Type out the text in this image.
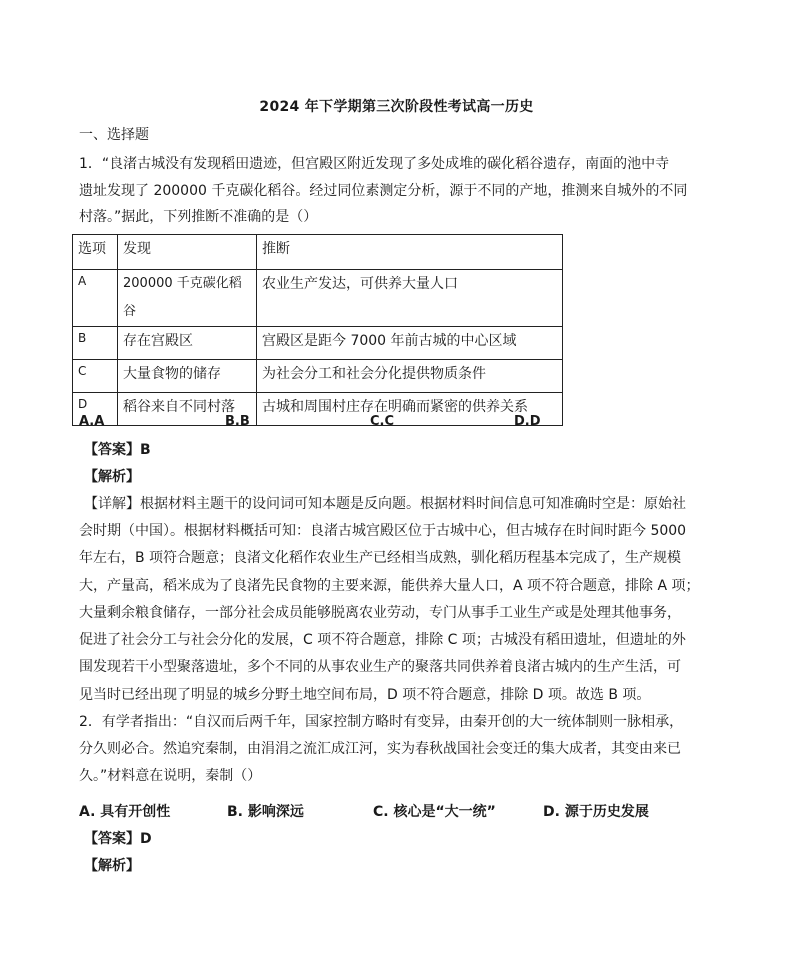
2024 年下学期第三次阶段性考试高一历史
一、选择题
1．“良渚古城没有发现稻田遗迹，但宫殿区附近发现了多处成堆的碳化稻谷遗存，南面的池中寺
遗址发现了 200000 千克碳化稻谷。经过同位素测定分析，源于不同的产地，推测来自城外的不同
村落。”据此，下列推断不准确的是（）
选项	发现	推断
A	200000 千克碳化稻谷	农业生产发达，可供养大量人口
B	存在宫殿区	宫殿区是距今 7000 年前古城的中心区域
C	大量食物的储存	为社会分工和社会分化提供物质条件
D	稻谷来自不同村落	古城和周围村庄存在明确而紧密的供养关系
A.A	B.B	C.C	D.D
【答案】B
【解析】
【详解】根据材料主题干的设问词可知本题是反向题。根据材料时间信息可知准确时空是：原始社
会时期（中国）。根据材料概括可知：良渚古城宫殿区位于古城中心，但古城存在时间时距今 5000
年左右，B 项符合题意；良渚文化稻作农业生产已经相当成熟，驯化稻历程基本完成了，生产规模
大，产量高，稻米成为了良渚先民食物的主要来源，能供养大量人口，A 项不符合题意，排除 A 项；
大量剩余粮食储存，一部分社会成员能够脱离农业劳动，专门从事手工业生产或是处理其他事务，
促进了社会分工与社会分化的发展，C 项不符合题意，排除 C 项；古城没有稻田遗址，但遗址的外
围发现若干小型聚落遗址，多个不同的从事农业生产的聚落共同供养着良渚古城内的生产生活，可
见当时已经出现了明显的城乡分野土地空间布局，D 项不符合题意，排除 D 项。故选 B 项。
2．有学者指出：“自汉而后两千年，国家控制方略时有变异，由秦开创的大一统体制则一脉相承，
分久则必合。然追究秦制，由涓涓之流汇成江河，实为春秋战国社会变迁的集大成者，其变由来已
久。”材料意在说明，秦制（）
A. 具有开创性	B. 影响深远	C. 核心是“大一统”	D. 源于历史发展
【答案】D
【解析】
